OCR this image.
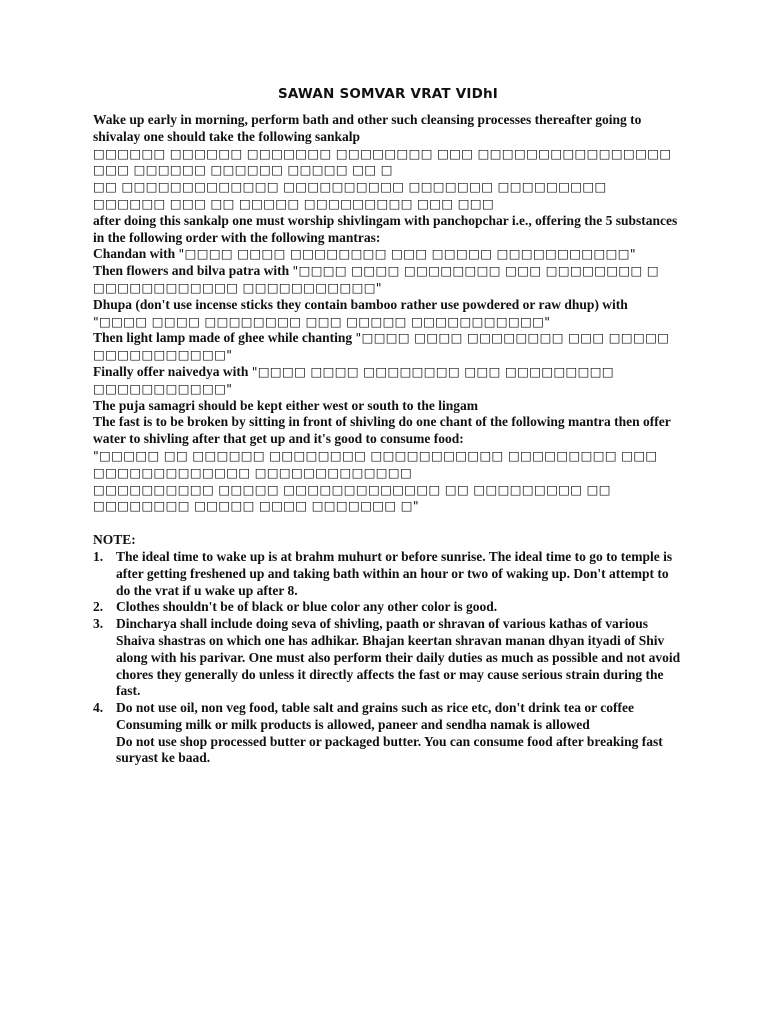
SAWAN SOMVAR VRAT VIDhI

Wake up early in morning, perform bath and other such cleansing processes thereafter going to shivalay one should take the following sankalp

□□□□□□ □□□□□□ □□□□□□□ □□□□□□□□ □□□ □□□□□□□□□□□□□□□□ □□□ □□□□□□ □□□□□□ □□□□□ □□ □

□□ □□□□□□□□□□□□□ □□□□□□□□□□ □□□□□□□ □□□□□□□□□ □□□□□□ □□□ □□ □□□□□ □□□□□□□□□ □□□ □□□

after doing this sankalp one must worship shivlingam with panchopchar i.e., offering the 5 substances in the following order with the following mantras:

Chandan with "□□□□ □□□□ □□□□□□□□ □□□ □□□□□ □□□□□□□□□□□"

Then flowers and bilva patra with "□□□□ □□□□ □□□□□□□□ □□□ □□□□□□□□ □ □□□□□□□□□□□□ □□□□□□□□□□□"

Dhupa (don't use incense sticks they contain bamboo rather use powdered or raw dhup) with "□□□□ □□□□ □□□□□□□□ □□□ □□□□□ □□□□□□□□□□□"

Then light lamp made of ghee while chanting "□□□□ □□□□ □□□□□□□□ □□□ □□□□□ □□□□□□□□□□□"

Finally offer naivedya with "□□□□ □□□□ □□□□□□□□ □□□ □□□□□□□□□ □□□□□□□□□□□"

The puja samagri should be kept either west or south to the lingam

The fast is to be broken by sitting in front of shivling do one chant of the following mantra then offer water to shivling after that get up and it's good to consume food:

"□□□□□ □□ □□□□□□ □□□□□□□□ □□□□□□□□□□□ □□□□□□□□□ □□□ □□□□□□□□□□□□□ □□□□□□□□□□□□□

□□□□□□□□□□ □□□□□ □□□□□□□□□□□□□ □□ □□□□□□□□□ □□ □□□□□□□□ □□□□□ □□□□ □□□□□□□ □"

NOTE:

1. The ideal time to wake up is at brahm muhurt or before sunrise. The ideal time to go to temple is after getting freshened up and taking bath within an hour or two of waking up. Don't attempt to do the vrat if u wake up after 8.
2. Clothes shouldn't be of black or blue color any other color is good.
3. Dincharya shall include doing seva of shivling, paath or shravan of various kathas of various Shaiva shastras on which one has adhikar. Bhajan keertan shravan manan dhyan ityadi of Shiv along with his parivar. One must also perform their daily duties as much as possible and not avoid chores they generally do unless it directly affects the fast or may cause serious strain during the fast.
4. Do not use oil, non veg food, table salt and grains such as rice etc, don't drink tea or coffee
Consuming milk or milk products is allowed, paneer and sendha namak is allowed
Do not use shop processed butter or packaged butter. You can consume food after breaking fast suryast ke baad.
